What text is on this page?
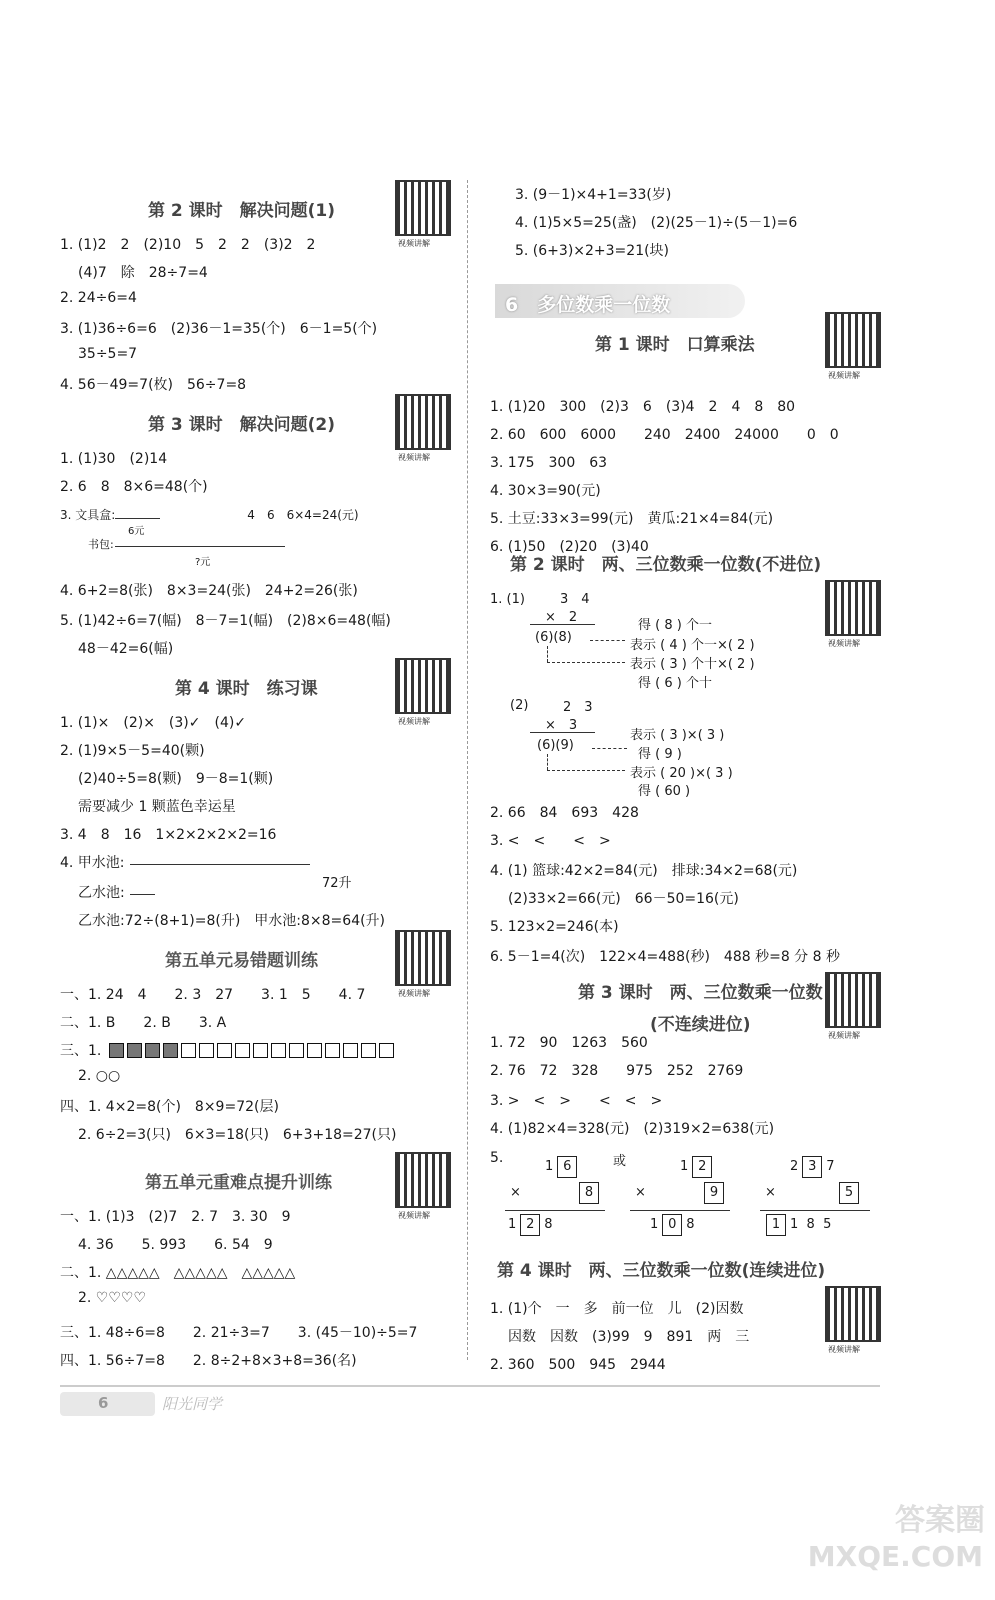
第 2 课时　解决问题(1)
视频讲解
1. (1)2　2　(2)10　5　2　2　(3)2　2
(4)7　除　28÷7=4
2. 24÷6=4
3. (1)36÷6=6　(2)36－1=35(个)　6－1=5(个)
35÷5=7
4. 56－49=7(枚)　56÷7=8
第 3 课时　解决问题(2)
视频讲解
1. (1)30　(2)14
2. 6　8　8×6=48(个)
3. 文具盒:　　　　　　　　　　　4　6　6×4=24(元)
6元
书包:
?元
4. 6+2=8(张)　8×3=24(张)　24+2=26(张)
5. (1)42÷6=7(幅)　8－7=1(幅)　(2)8×6=48(幅)
48－42=6(幅)
第 4 课时　练习课
视频讲解
1. (1)×　(2)×　(3)✓　(4)✓
2. (1)9×5－5=40(颗)
(2)40÷5=8(颗)　9－8=1(颗)
需要减少 1 颗蓝色幸运星
3. 4　8　16　1×2×2×2×2=16
4. 甲水池:
72升
乙水池:
乙水池:72÷(8+1)=8(升)　甲水池:8×8=64(升)
第五单元易错题训练
视频讲解
一、1. 24　4　　2. 3　27　　3. 1　5　　4. 7
二、1. B　　2. B　　3. A
三、1.
2. ○○
四、1. 4×2=8(个)　8×9=72(层)
2. 6÷2=3(只)　6×3=18(只)　6+3+18=27(只)
第五单元重难点提升训练
视频讲解
一、1. (1)3　(2)7　2. 7　3. 30　9
4. 36　　5. 993　　6. 54　9
二、1. △△△△△　△△△△△　△△△△△
2. ♡♡♡♡
三、1. 48÷6=8　　2. 21÷3=7　　3. (45－10)÷5=7
四、1. 56÷7=8　　2. 8÷2+8×3+8=36(名)
3. (9－1)×4+1=33(岁)
4. (1)5×5=25(盏)　(2)(25－1)÷(5－1)=6
5. (6+3)×2+3=21(块)
6　多位数乘一位数
第 1 课时　口算乘法
视频讲解
1. (1)20　300　(2)3　6　(3)4　2　4　8　80
2. 60　600　6000　　240　2400　24000　　0　0
3. 175　300　63
4. 30×3=90(元)
5. 土豆:33×3=99(元)　黄瓜:21×4=84(元)
6. (1)50　(2)20　(3)40
第 2 课时　两、三位数乘一位数(不进位)
视频讲解
1. (1)	3　4
×　2
(6)(8)
表示 ( 4 ) 个一×( 2 )
得 ( 8 ) 个一
表示 ( 3 ) 个十×( 2 )
得 ( 6 ) 个十
(2)	2　3
×　3
(6)(9)
表示 ( 3 )×( 3 )
得 ( 9 )
表示 ( 20 )×( 3 )
得 ( 60 )
2. 66　84　693　428
3. <　<　　<　>
4. (1) 篮球:42×2=84(元)　排球:34×2=68(元)
(2)33×2=66(元)　66－50=16(元)
5. 123×2=246(本)
6. 5－1=4(次)　122×4=488(秒)　488 秒=8 分 8 秒
第 3 课时　两、三位数乘一位数
(不连续进位)
视频讲解
1. 72　90　1263　560
2. 76　72　328　　975　252　2769
3. >　<　>　　<　<　>
4. (1)82×4=328(元)　(2)319×2=638(元)
5.	或
1 6
×	8
1 2 8
1 2
×	9
1 0 8
2 3 7
×	5
1 1 8 5
第 4 课时　两、三位数乘一位数(连续进位)
视频讲解
1. (1)个　一　多　前一位　儿　(2)因数
因数　因数　(3)99　9　891　两　三
2. 360　500　945　2944
6	阳光同学
答案圈
MXQE.COM
